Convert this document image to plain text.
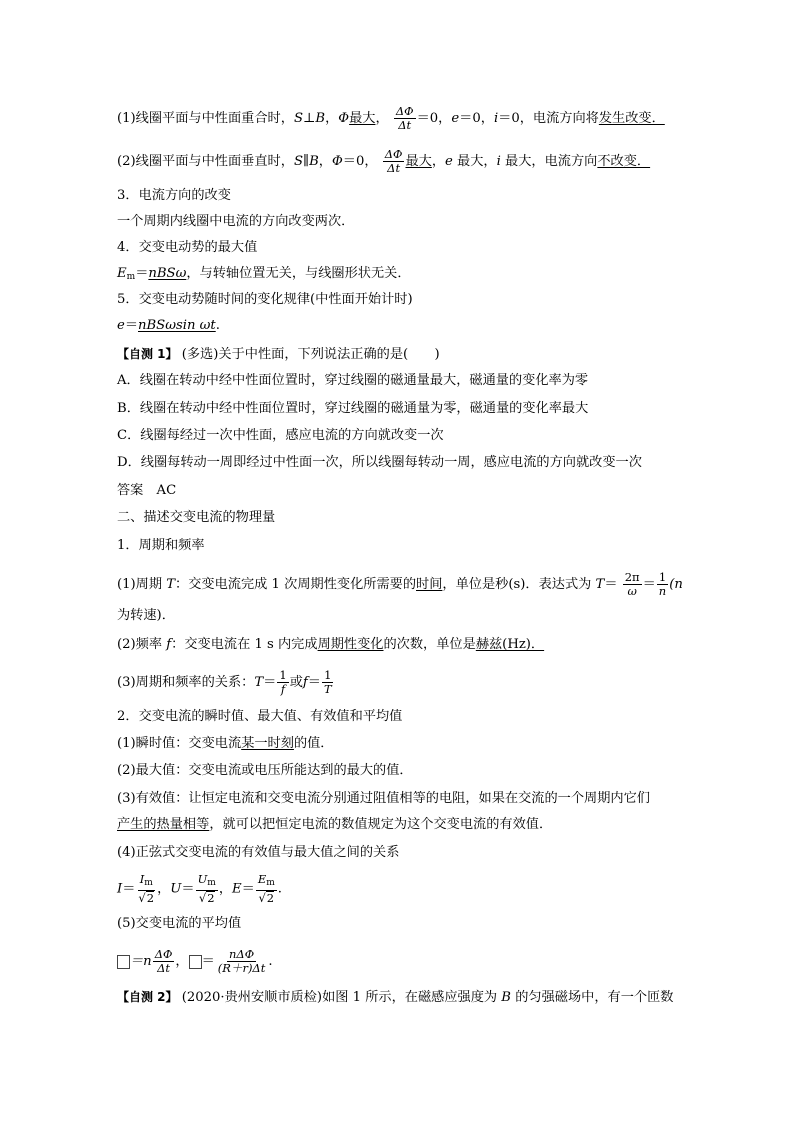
(1)线圈平面与中性面重合时，S⊥B，Φ最大， $\frac{\Delta\Phi}{\Delta t} =0$，e＝0，i＝0，电流方向将发生改变．
(2)线圈平面与中性面垂直时，S∥B，Φ＝0， $\frac{\Delta\Phi}{\Delta t}$ 最大，e 最大，i 最大，电流方向不改变．
3．电流方向的改变
一个周期内线圈中电流的方向改变两次．
4．交变电动势的最大值
$E_m=nBS\omega$，与转轴位置无关，与线圈形状无关．
5．交变电动势随时间的变化规律(中性面开始计时)
e＝nBSωsin ωt.
【自测 1】 (多选)关于中性面，下列说法正确的是(　　)
A．线圈在转动中经中性面位置时，穿过线圈的磁通量最大，磁通量的变化率为零
B．线圈在转动中经中性面位置时，穿过线圈的磁通量为零，磁通量的变化率最大
C．线圈每经过一次中性面，感应电流的方向就改变一次
D．线圈每转动一周即经过中性面一次，所以线圈每转动一周，感应电流的方向就改变一次
答案　AC
二、描述交变电流的物理量
1．周期和频率
(1)周期 T：交变电流完成 1 次周期性变化所需要的时间，单位是秒(s)．表达式为 $T= \frac{2\pi}{\omega} = \frac{1}{n} (n$
为转速)．
(2)频率 f：交变电流在 1 s 内完成周期性变化的次数，单位是赫兹(Hz)．
(3)周期和频率的关系：$T= \frac{1}{f}$ 或$f= \frac{1}{T}$
2．交变电流的瞬时值、最大值、有效值和平均值
(1)瞬时值：交变电流某一时刻的值．
(2)最大值：交变电流或电压所能达到的最大的值．
(3)有效值：让恒定电流和交变电流分别通过阻值相等的电阻，如果在交流的一个周期内它们
产生的热量相等，就可以把恒定电流的数值规定为这个交变电流的有效值．
(4)正弦式交变电流的有效值与最大值之间的关系
$I= \frac{I_m}{√2}$ ，$U= \frac{U_m}{√2}$ ，$E= \frac{E_m}{√2}$ .
(5)交变电流的平均值
$=n \frac{\Delta\Phi}{\Delta t}$ ， ＝ $\frac{\text{nΔΦ}}{(R+r)\Delta t}$ .
【自测 2】 (2020·贵州安顺市质检)如图 1 所示，在磁感应强度为 B 的匀强磁场中，有一个匝数
